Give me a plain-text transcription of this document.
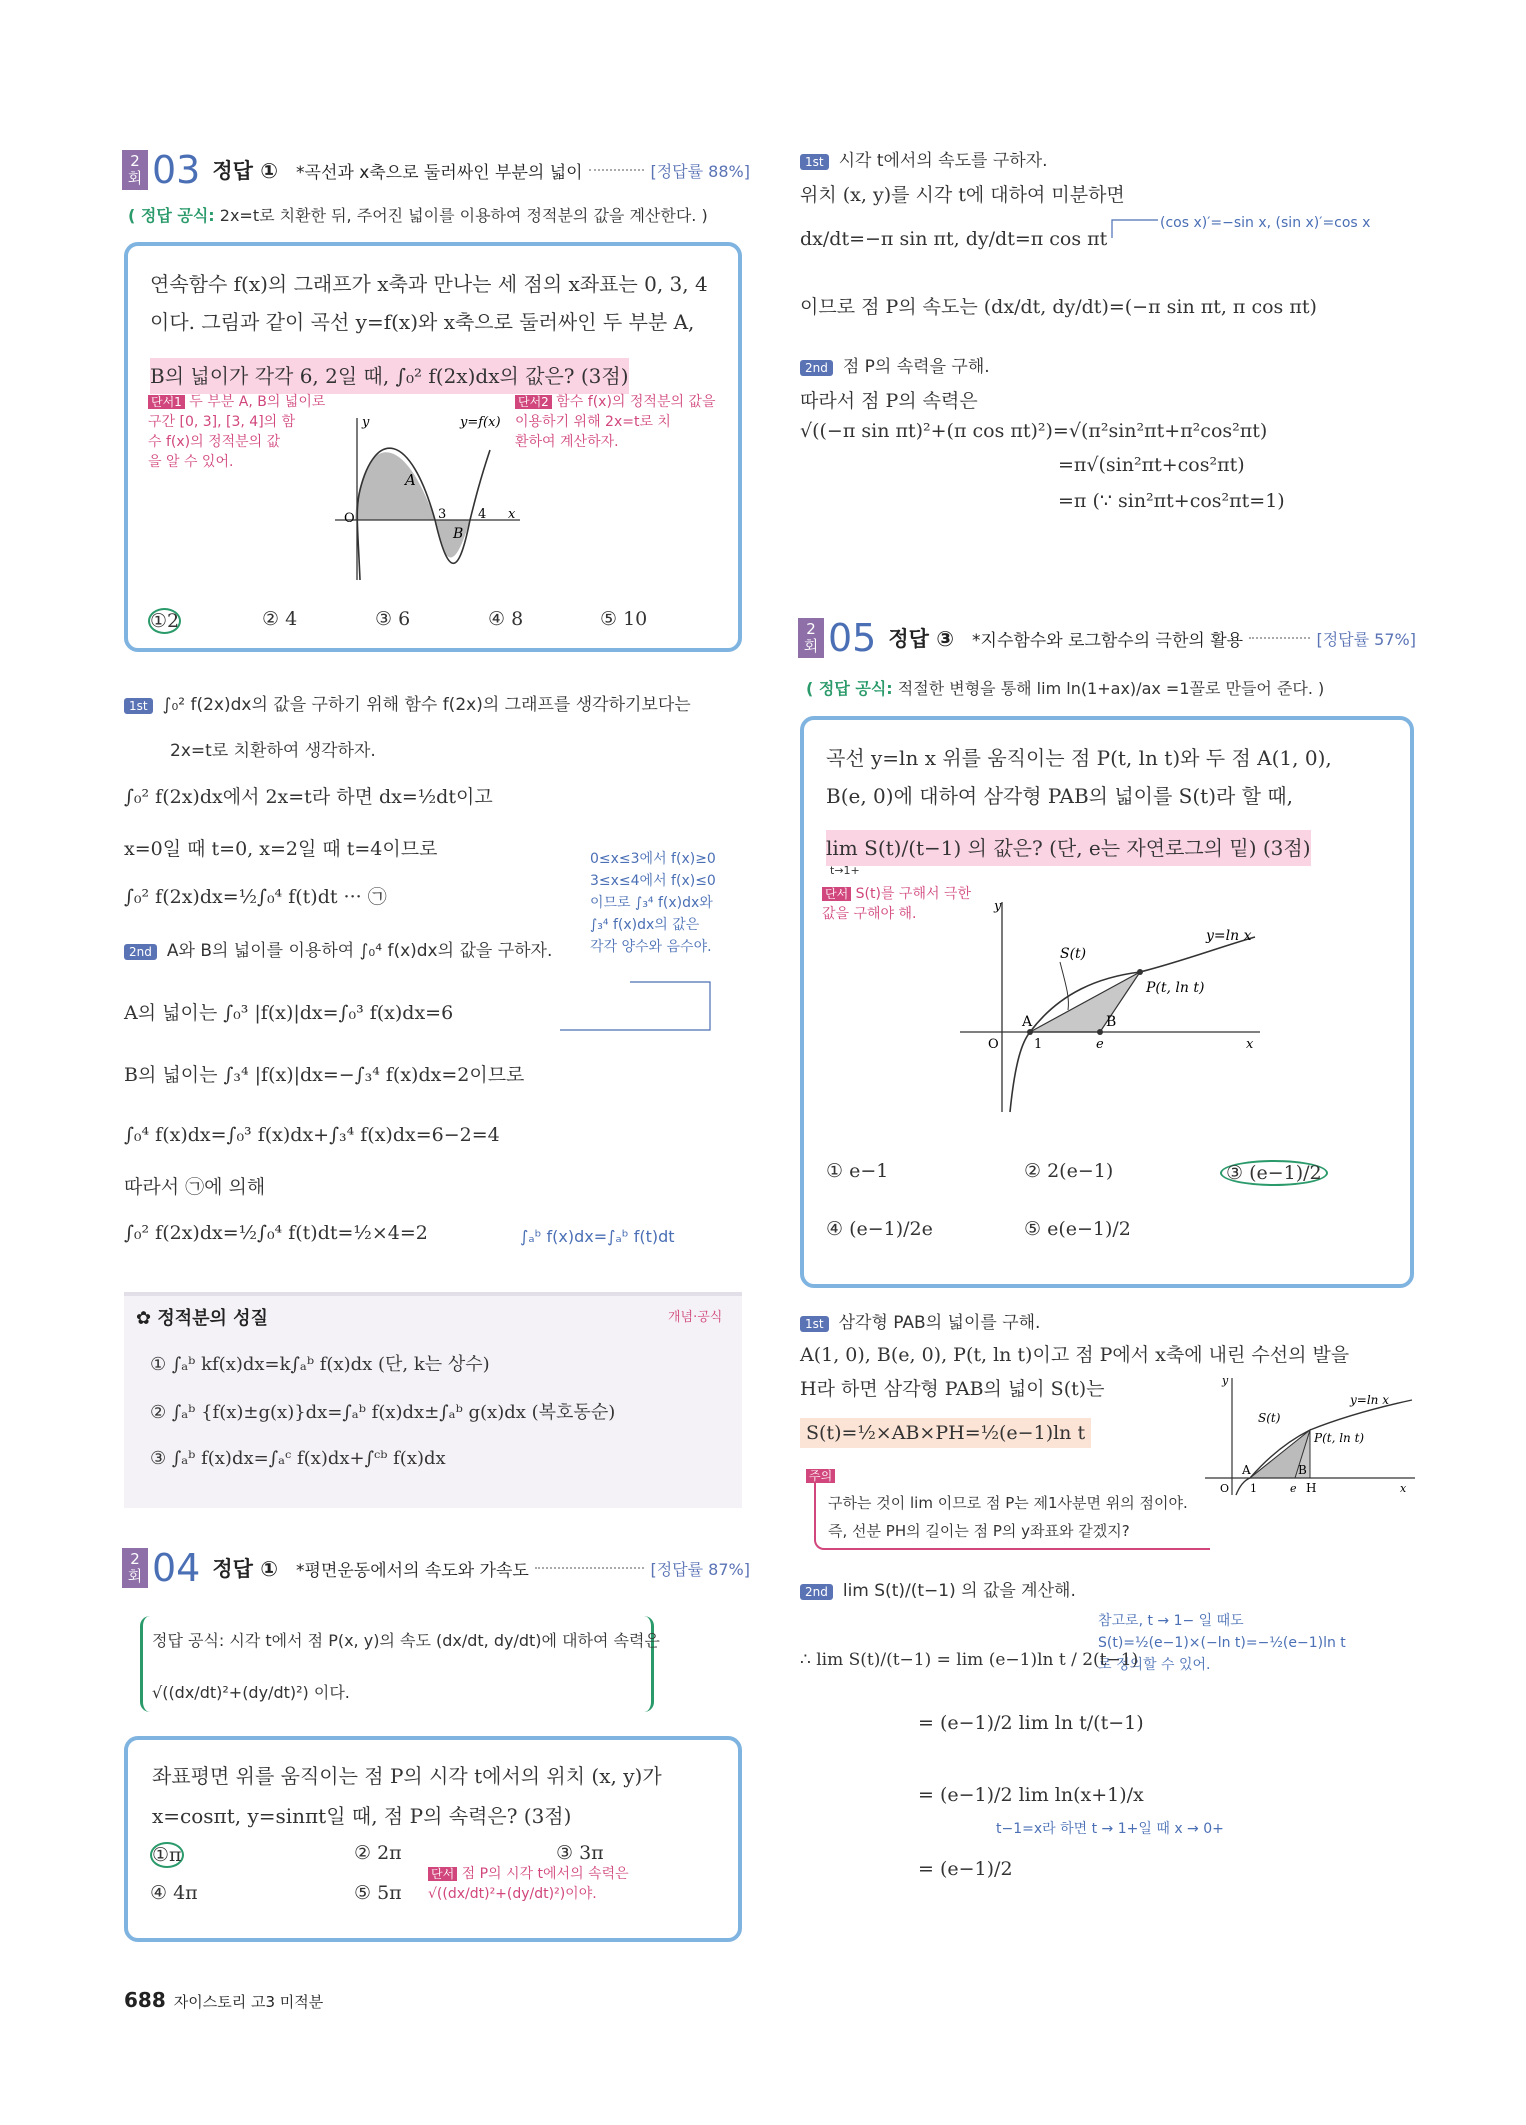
2
회 03 정답 ① *곡선과 x축으로 둘러싸인 부분의 넓이	[정답률 88%]
( 정답 공식: 2x=t로 치환한 뒤, 주어진 넓이를 이용하여 정적분의 값을 계산한다. )
연속함수 f(x)의 그래프가 x축과 만나는 세 점의 x좌표는 0, 3, 4
이다. 그림과 같이 곡선 y=f(x)와 x축으로 둘러싸인 두 부분 A,
B의 넓이가 각각 6, 2일 때, ∫₀² f(2x)dx의 값은? (3점)
단서1 두 부분 A, B의 넓이로
구간 [0, 3], [3, 4]의 함
수 f(x)의 정적분의 값
을 알 수 있어.
단서2 함수 f(x)의 정적분의 값을
이용하기 위해 2x=t로 치
환하여 계산하자.
y	y=f(x)
A
B
O	3 4 x
①2	② 4	③ 6	④ 8	⑤ 10
1st ∫₀² f(2x)dx의 값을 구하기 위해 함수 f(2x)의 그래프를 생각하기보다는
2x=t로 치환하여 생각하자.
∫₀² f(2x)dx에서 2x=t라 하면 dx=½dt이고
x=0일 때 t=0, x=2일 때 t=4이므로
∫₀² f(2x)dx=½∫₀⁴ f(t)dt ··· ㉠
0≤x≤3에서 f(x)≥0
3≤x≤4에서 f(x)≤0
이므로 ∫₃⁴ f(x)dx와
∫₃⁴ f(x)dx의 값은
각각 양수와 음수야.
2nd A와 B의 넓이를 이용하여 ∫₀⁴ f(x)dx의 값을 구하자.
A의 넓이는 ∫₀³ |f(x)|dx=∫₀³ f(x)dx=6
B의 넓이는 ∫₃⁴ |f(x)|dx=−∫₃⁴ f(x)dx=2이므로
∫₀⁴ f(x)dx=∫₀³ f(x)dx+∫₃⁴ f(x)dx=6−2=4
따라서 ㉠에 의해
∫₀² f(2x)dx=½∫₀⁴ f(t)dt=½×4=2	∫ₐᵇ f(x)dx=∫ₐᵇ f(t)dt
✿ 정적분의 성질	개념·공식
① ∫ₐᵇ kf(x)dx=k∫ₐᵇ f(x)dx (단, k는 상수)
② ∫ₐᵇ {f(x)±g(x)}dx=∫ₐᵇ f(x)dx±∫ₐᵇ g(x)dx (복호동순)
③ ∫ₐᵇ f(x)dx=∫ₐᶜ f(x)dx+∫ᶜᵇ f(x)dx
2
회 04 정답 ① *평면운동에서의 속도와 가속도	[정답률 87%]
정답 공식: 시각 t에서 점 P(x, y)의 속도 (dx/dt, dy/dt)에 대하여 속력은
√((dx/dt)²+(dy/dt)²) 이다.
좌표평면 위를 움직이는 점 P의 시각 t에서의 위치 (x, y)가
x=cosπt, y=sinπt일 때, 점 P의 속력은? (3점)
①π	② 2π	③ 3π
④ 4π	⑤ 5π
단서 점 P의 시각 t에서의 속력은
√((dx/dt)²+(dy/dt)²)이야.
688 자이스토리 고3 미적분
1st 시각 t에서의 속도를 구하자.
위치 (x, y)를 시각 t에 대하여 미분하면
dx/dt=−π sin πt, dy/dt=π cos πt
(cos x)′=−sin x, (sin x)′=cos x
이므로 점 P의 속도는 (dx/dt, dy/dt)=(−π sin πt, π cos πt)
2nd 점 P의 속력을 구해.
따라서 점 P의 속력은
√((−π sin πt)²+(π cos πt)²)=√(π²sin²πt+π²cos²πt)
=π√(sin²πt+cos²πt)
=π (∵ sin²πt+cos²πt=1)
2
회 05 정답 ③ *지수함수와 로그함수의 극한의 활용	[정답률 57%]
( 정답 공식: 적절한 변형을 통해 lim ln(1+ax)/ax =1꼴로 만들어 준다. )
곡선 y=ln x 위를 움직이는 점 P(t, ln t)와 두 점 A(1, 0),
B(e, 0)에 대하여 삼각형 PAB의 넓이를 S(t)라 할 때,
lim S(t)/(t−1) 의 값은? (단, e는 자연로그의 밑) (3점)
t→1+
단서 S(t)를 구해서 극한
값을 구해야 해.	y
y=ln x
S(t)
P(t, ln t)
A	B
O	1	e	x
① e−1	② 2(e−1)	③ (e−1)/2
④ (e−1)/2e	⑤ e(e−1)/2
1st 삼각형 PAB의 넓이를 구해.
A(1, 0), B(e, 0), P(t, ln t)이고 점 P에서 x축에 내린 수선의 발을
H라 하면 삼각형 PAB의 넓이 S(t)는
S(t)=½×AB×PH=½(e−1)ln t
y
y=ln x
S(t)
P(t, ln t)
A	B
H
O 1	e	x
주의
구하는 것이 lim 이므로 점 P는 제1사분면 위의 점이야.
즉, 선분 PH의 길이는 점 P의 y좌표와 같겠지?
2nd lim S(t)/(t−1) 의 값을 계산해.
참고로, t → 1− 일 때도
S(t)=½(e−1)×(−ln t)=−½(e−1)ln t
로 정의할 수 있어.
∴ lim S(t)/(t−1) = lim (e−1)ln t / 2(t−1)
= (e−1)/2 lim ln t/(t−1)
= (e−1)/2 lim ln(x+1)/x
t−1=x라 하면 t → 1+일 때 x → 0+
= (e−1)/2
